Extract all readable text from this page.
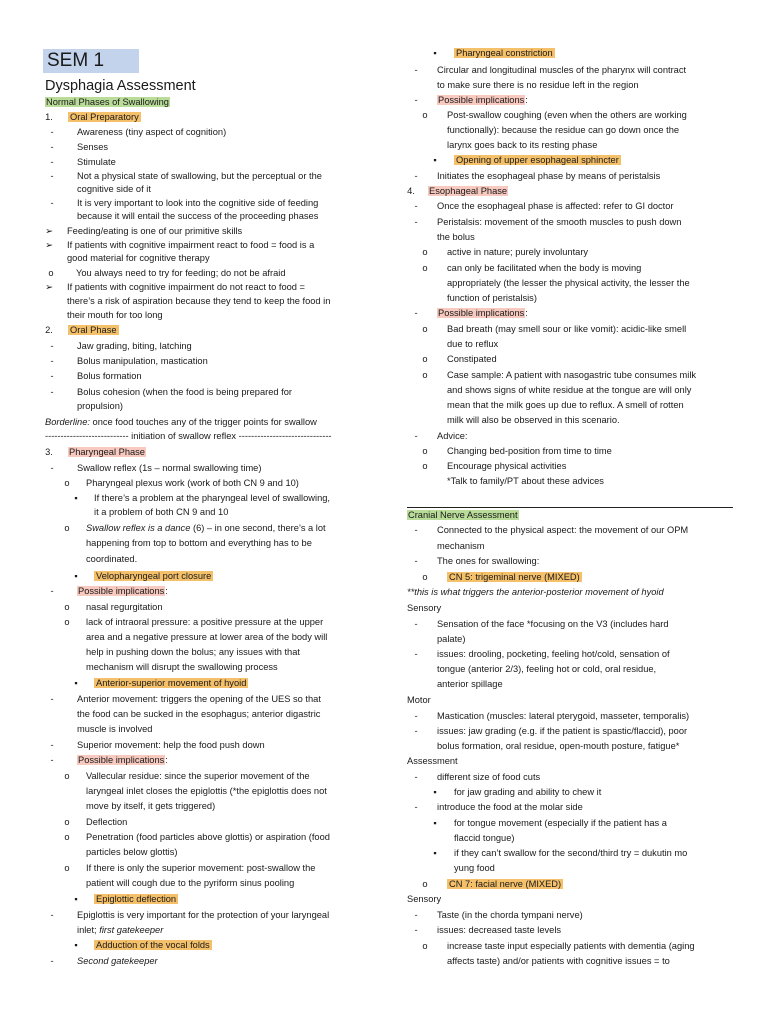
SEM 1
Dysphagia Assessment
Normal Phases of Swallowing
1. Oral Preparatory
-	Awareness (tiny aspect of cognition)
-	Senses
-	Stimulate
-	Not a physical state of swallowing, but the perceptual or the
cognitive side of it
-	It is very important to look into the cognitive side of feeding
because it will entail the success of the proceeding phases
➢ Feeding/eating is one of our primitive skills
➢ If patients with cognitive impairment react to food = food is a
good material for cognitive therapy
o	You always need to try for feeding; do not be afraid
➢ If patients with cognitive impairment do not react to food =
there’s a risk of aspiration because they tend to keep the food in
their mouth for too long
2. Oral Phase
-	Jaw grading, biting, latching
-	Bolus manipulation, mastication
-	Bolus formation
-	Bolus cohesion (when the food is being prepared for
propulsion)
Borderline: once food touches any of the trigger points for swallow
--------------------------- initiation of swallow reflex ------------------------------
3. Pharyngeal Phase
-	Swallow reflex (1s – normal swallowing time)
o	Pharyngeal plexus work (work of both CN 9 and 10)
▪	If there’s a problem at the pharyngeal level of swallowing,
it a problem of both CN 9 and 10
o	Swallow reflex is a dance (6) – in one second, there’s a lot
happening from top to bottom and everything has to be
coordinated.
▪	Velopharyngeal port closure
-	Possible implications:
o	nasal regurgitation
o	lack of intraoral pressure: a positive pressure at the upper
area and a negative pressure at lower area of the body will
help in pushing down the bolus; any issues with that
mechanism will disrupt the swallowing process
▪	Anterior-superior movement of hyoid
-	Anterior movement: triggers the opening of the UES so that
the food can be sucked in the esophagus; anterior digastric
muscle is involved
-	Superior movement: help the food push down
-	Possible implications:
o	Vallecular residue: since the superior movement of the
laryngeal inlet closes the epiglottis (*the epiglottis does not
move by itself, it gets triggered)
o	Deflection
o	Penetration (food particles above glottis) or aspiration (food
particles below glottis)
o	If there is only the superior movement: post-swallow the
patient will cough due to the pyriform sinus pooling
▪	Epiglottic deflection
-	Epiglottis is very important for the protection of your laryngeal
inlet; first gatekeeper
▪	Adduction of the vocal folds
-	Second gatekeeper
▪	Pharyngeal constriction
-	Circular and longitudinal muscles of the pharynx will contract
to make sure there is no residue left in the region
-	Possible implications:
o	Post-swallow coughing (even when the others are working
functionally): because the residue can go down once the
larynx goes back to its resting phase
▪	Opening of upper esophageal sphincter
-	Initiates the esophageal phase by means of peristalsis
4. Esophageal Phase
-	Once the esophageal phase is affected: refer to GI doctor
-	Peristalsis: movement of the smooth muscles to push down
the bolus
o	active in nature; purely involuntary
o	can only be facilitated when the body is moving
appropriately (the lesser the physical activity, the lesser the
function of peristalsis)
-	Possible implications:
o	Bad breath (may smell sour or like vomit): acidic-like smell
due to reflux
o	Constipated
o	Case sample: A patient with nasogastric tube consumes milk
and shows signs of white residue at the tongue are will only
mean that the milk goes up due to reflux. A smell of rotten
milk will also be observed in this scenario.
-	Advice:
o	Changing bed-position from time to time
o	Encourage physical activities
*Talk to family/PT about these advices
Cranial Nerve Assessment
-	Connected to the physical aspect: the movement of our OPM
mechanism
-	The ones for swallowing:
o	CN 5: trigeminal nerve (MIXED)
**this is what triggers the anterior-posterior movement of hyoid
Sensory
-	Sensation of the face *focusing on the V3 (includes hard
palate)
-	issues: drooling, pocketing, feeling hot/cold, sensation of
tongue (anterior 2/3), feeling hot or cold, oral residue,
anterior spillage
Motor
-	Mastication (muscles: lateral pterygoid, masseter, temporalis)
-	issues: jaw grading (e.g. if the patient is spastic/flaccid), poor
bolus formation, oral residue, open-mouth posture, fatigue*
Assessment
-	different size of food cuts
▪	for jaw grading and ability to chew it
-	introduce the food at the molar side
▪	for tongue movement (especially if the patient has a
flaccid tongue)
▪	if they can’t swallow for the second/third try = dukutin mo
yung food
o	CN 7: facial nerve (MIXED)
Sensory
-	Taste (in the chorda tympani nerve)
-	issues: decreased taste levels
o	increase taste input especially patients with dementia (aging
affects taste) and/or patients with cognitive issues = to
